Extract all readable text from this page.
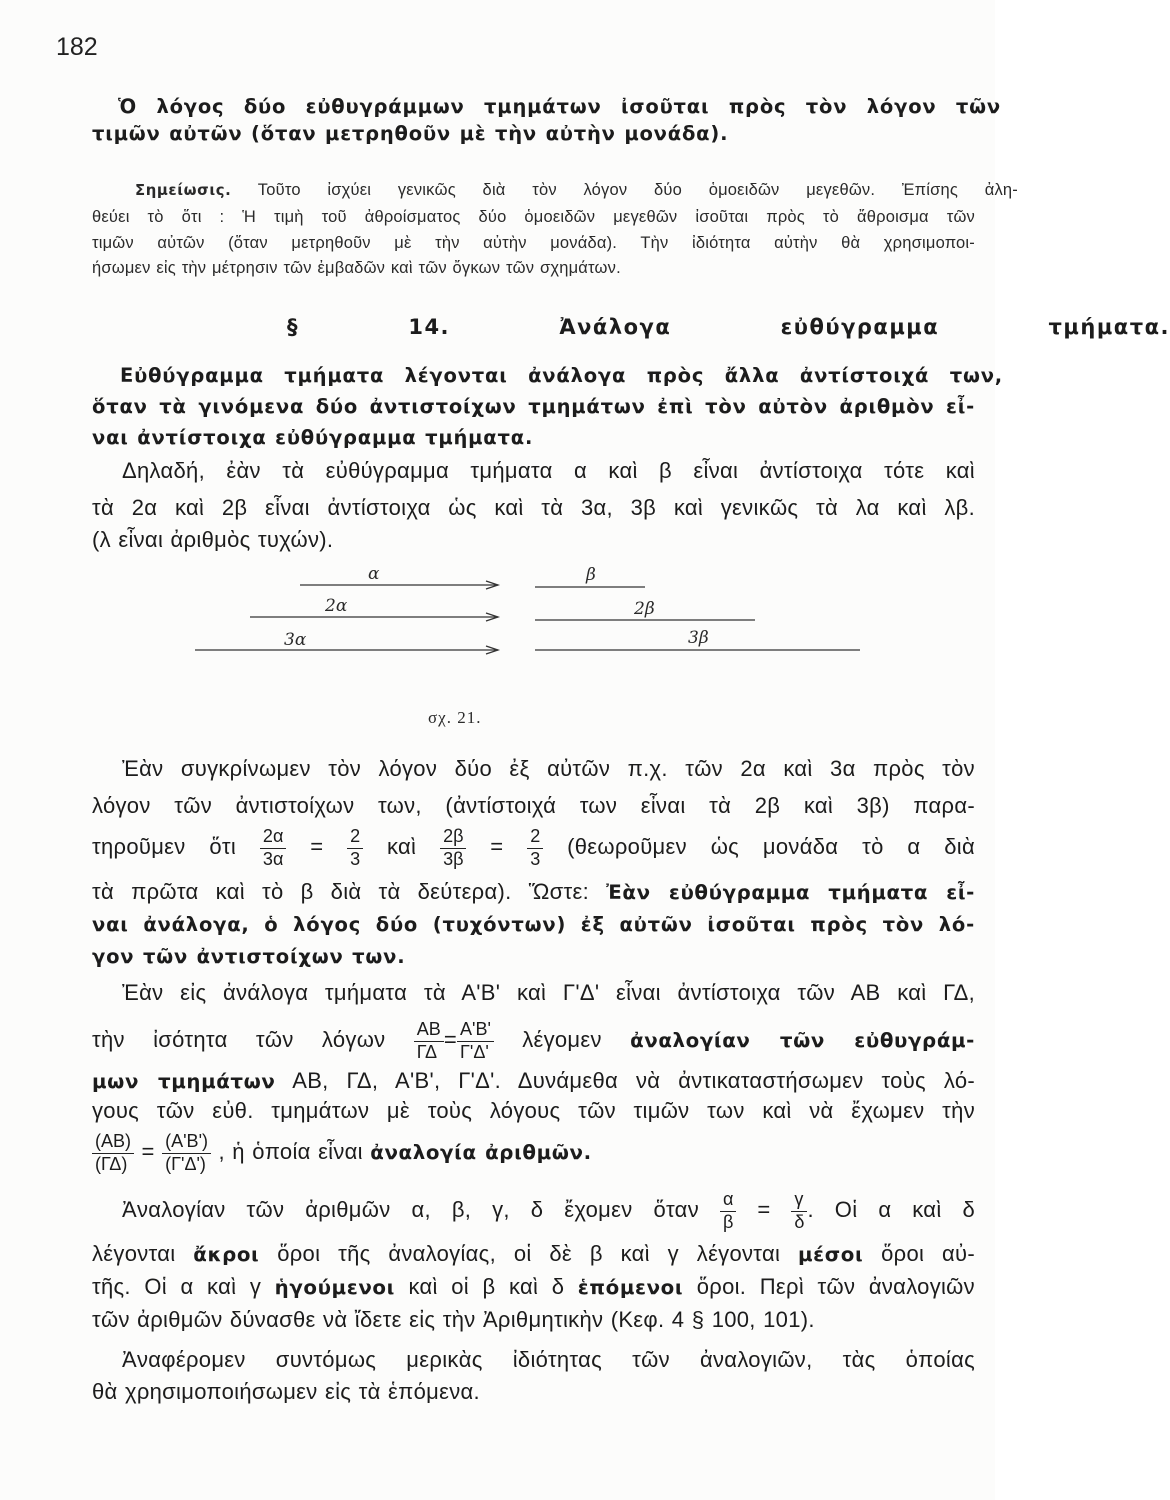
182
Ὁ λόγος δύο εὐθυγράμμων τμημάτων ἰσοῦται πρὸς τὸν λόγον τῶν
τιμῶν αὐτῶν (ὅταν μετρηθοῦν μὲ τὴν αὐτὴν μονάδα).
Σημείωσις. Τοῦτο ἰσχύει γενικῶς διὰ τὸν λόγον δύο ὁμοειδῶν μεγεθῶν. Ἐπίσης ἀλη-
θεύει τὸ ὅτι : Ἡ τιμὴ τοῦ ἀθροίσματος δύο ὁμοειδῶν μεγεθῶν ἰσοῦται πρὸς τὸ ἄθροισμα τῶν
τιμῶν αὐτῶν (ὅταν μετρηθοῦν μὲ τὴν αὐτὴν μονάδα). Τὴν ἰδιότητα αὐτὴν θὰ χρησιμοποι-
ήσωμεν εἰς τὴν μέτρησιν τῶν ἐμβαδῶν καὶ τῶν ὄγκων τῶν σχημάτων.
§	14.	Ἀνάλογα εὐθύγραμμα τμήματα.
Εὐθύγραμμα τμήματα λέγονται ἀνάλογα πρὸς ἄλλα ἀντίστοιχά των,
ὅταν τὰ γινόμενα δύο ἀντιστοίχων τμημάτων ἐπὶ τὸν αὐτὸν ἀριθμὸν εἶ-
ναι ἀντίστοιχα εὐθύγραμμα τμήματα.
Δηλαδή, ἐὰν τὰ εὐθύγραμμα τμήματα α καὶ β εἶναι ἀντίστοιχα τότε καὶ
τὰ 2α καὶ 2β εἶναι ἀντίστοιχα ὡς καὶ τὰ 3α, 3β καὶ γενικῶς τὰ λα καὶ λβ.
(λ εἶναι ἀριθμὸς τυχών).
α	β
2α	2β
3α	3β
σχ. 21.
Ἐὰν συγκρίνωμεν τὸν λόγον δύο ἐξ αὐτῶν π.χ. τῶν 2α καὶ 3α πρὸς τὸν
λόγον τῶν ἀντιστοίχων των, (ἀντίστοιχά των εἶναι τὰ 2β καὶ 3β) παρα-
τηροῦμεν ὅτι $\frac{2\alpha}{3\alpha} = \frac{2}{3}$ καὶ $\frac{2\beta}{3\beta} = \frac{2}{3}$ (θεωροῦμεν ὡς μονάδα τὸ α διὰ
τὰ πρῶτα καὶ τὸ β διὰ τὰ δεύτερα). Ὥστε: Ἐὰν εὐθύγραμμα τμήματα εἶ-
ναι ἀνάλογα, ὁ λόγος δύο (τυχόντων) ἐξ αὐτῶν ἰσοῦται πρὸς τὸν λό-
γον τῶν ἀντιστοίχων των.
Ἐὰν εἰς ἀνάλογα τμήματα τὰ Α'Β' καὶ Γ'Δ' εἶναι ἀντίστοιχα τῶν ΑΒ καὶ ΓΔ,
τὴν ἰσότητα τῶν λόγων $\frac{AB}{\Gamma\Delta} = \frac{A'B'}{\Gamma'\Delta'}$ λέγομεν ἀναλογίαν τῶν εὐθυγράμ-
μων τμημάτων ΑΒ, ΓΔ, Α'Β', Γ'Δ'. Δυνάμεθα νὰ ἀντικαταστήσωμεν τοὺς λό-
γους τῶν εὐθ. τμημάτων μὲ τοὺς λόγους τῶν τιμῶν των καὶ νὰ ἔχωμεν τὴν
$\frac{(AB)}{(\Gamma\Delta)} = \frac{(A'B')}{(\Gamma'\Delta')}$ , ἡ ὁποία εἶναι ἀναλογία ἀριθμῶν.
Ἀναλογίαν τῶν ἀριθμῶν α, β, γ, δ ἔχομεν ὅταν $\frac{\alpha}{\beta} = \frac{\gamma}{\delta}$ . Οἱ α καὶ δ
λέγονται ἄκροι ὅροι τῆς ἀναλογίας, οἱ δὲ β καὶ γ λέγονται μέσοι ὅροι αὐ-
τῆς. Οἱ α καὶ γ ἡγούμενοι καὶ οἱ β καὶ δ ἑπόμενοι ὅροι. Περὶ τῶν ἀναλογιῶν
τῶν ἀριθμῶν δύνασθε νὰ ἴδετε εἰς τὴν Ἀριθμητικὴν (Κεφ. 4 § 100, 101).
Ἀναφέρομεν συντόμως μερικὰς ἰδιότητας τῶν ἀναλογιῶν, τὰς ὁποίας
θὰ χρησιμοποιήσωμεν εἰς τὰ ἑπόμενα.
